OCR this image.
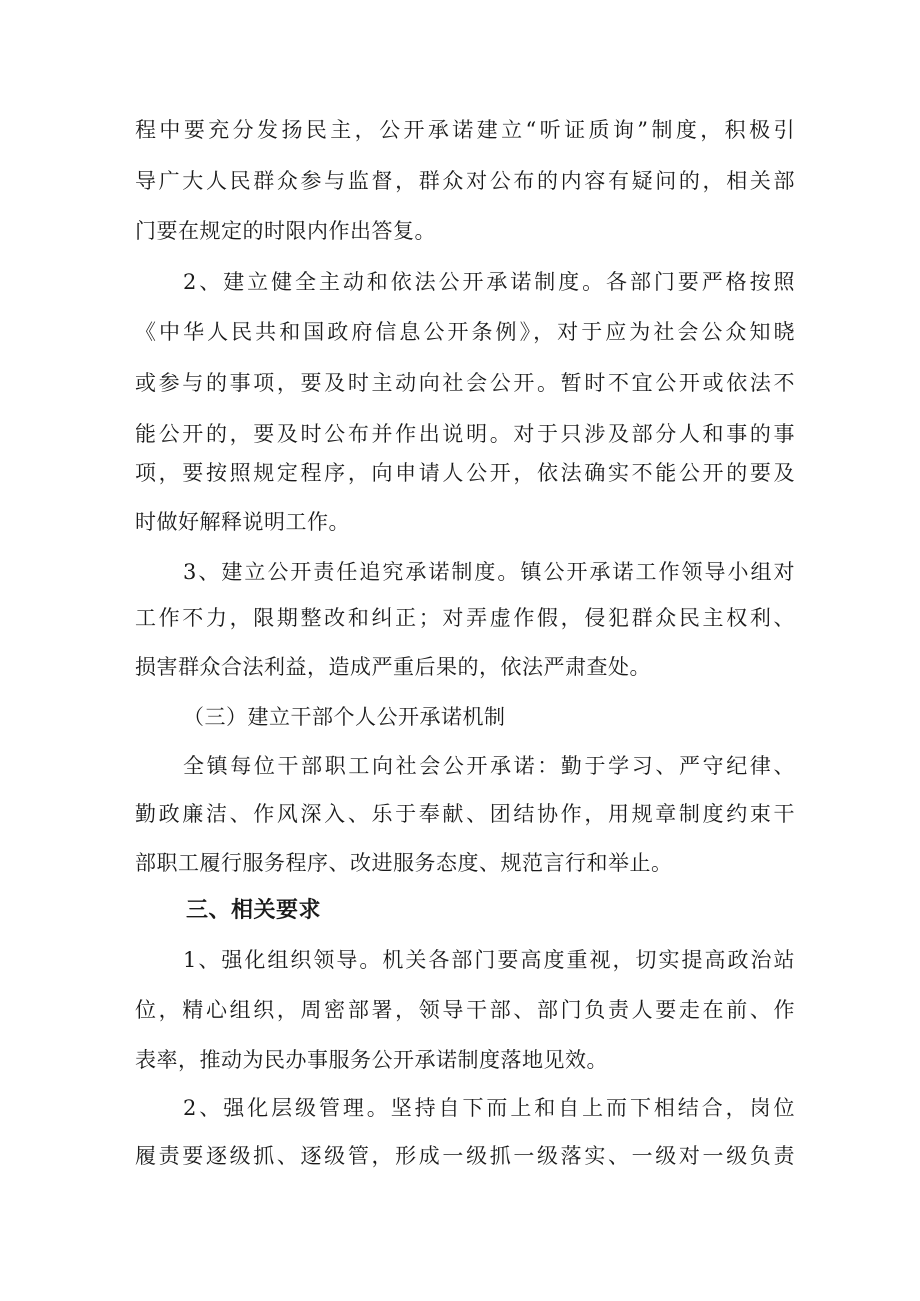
程中要充分发扬民主，公开承诺建立“听证质询”制度，积极引
导广大人民群众参与监督，群众对公布的内容有疑问的，相关部
门要在规定的时限内作出答复。
2、建立健全主动和依法公开承诺制度。各部门要严格按照
《中华人民共和国政府信息公开条例》，对于应为社会公众知晓
或参与的事项，要及时主动向社会公开。暂时不宜公开或依法不
能公开的，要及时公布并作出说明。对于只涉及部分人和事的事
项，要按照规定程序，向申请人公开，依法确实不能公开的要及
时做好解释说明工作。
3、建立公开责任追究承诺制度。镇公开承诺工作领导小组对
工作不力，限期整改和纠正；对弄虚作假，侵犯群众民主权利、
损害群众合法利益，造成严重后果的，依法严肃查处。
（三）建立干部个人公开承诺机制
全镇每位干部职工向社会公开承诺：勤于学习、严守纪律、
勤政廉洁、作风深入、乐于奉献、团结协作，用规章制度约束干
部职工履行服务程序、改进服务态度、规范言行和举止。
三、相关要求
1、强化组织领导。机关各部门要高度重视，切实提高政治站
位，精心组织，周密部署，领导干部、部门负责人要走在前、作
表率，推动为民办事服务公开承诺制度落地见效。
2、强化层级管理。坚持自下而上和自上而下相结合，岗位
履责要逐级抓、逐级管，形成一级抓一级落实、一级对一级负责
